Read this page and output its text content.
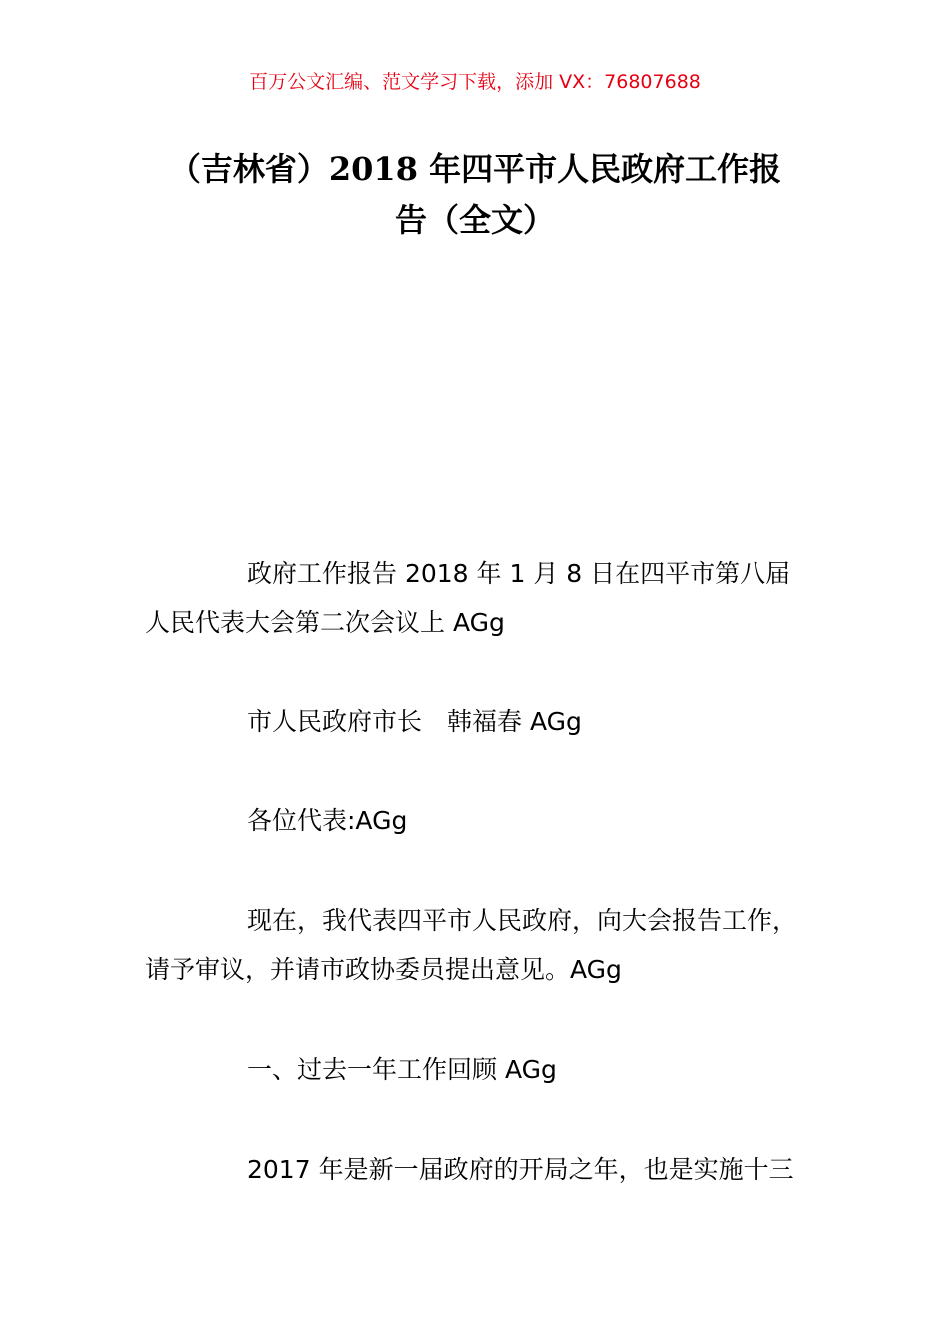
百万公文汇编、范文学习下载，添加 VX：76807688
（吉林省）2018 年四平市人民政府工作报
告（全文）
政府工作报告 2018 年 1 月 8 日在四平市第八届
人民代表大会第二次会议上 AGg
市人民政府市长　韩福春 AGg
各位代表:AGg
现在，我代表四平市人民政府，向大会报告工作，
请予审议，并请市政协委员提出意见。AGg
一、过去一年工作回顾 AGg
2017 年是新一届政府的开局之年，也是实施十三
